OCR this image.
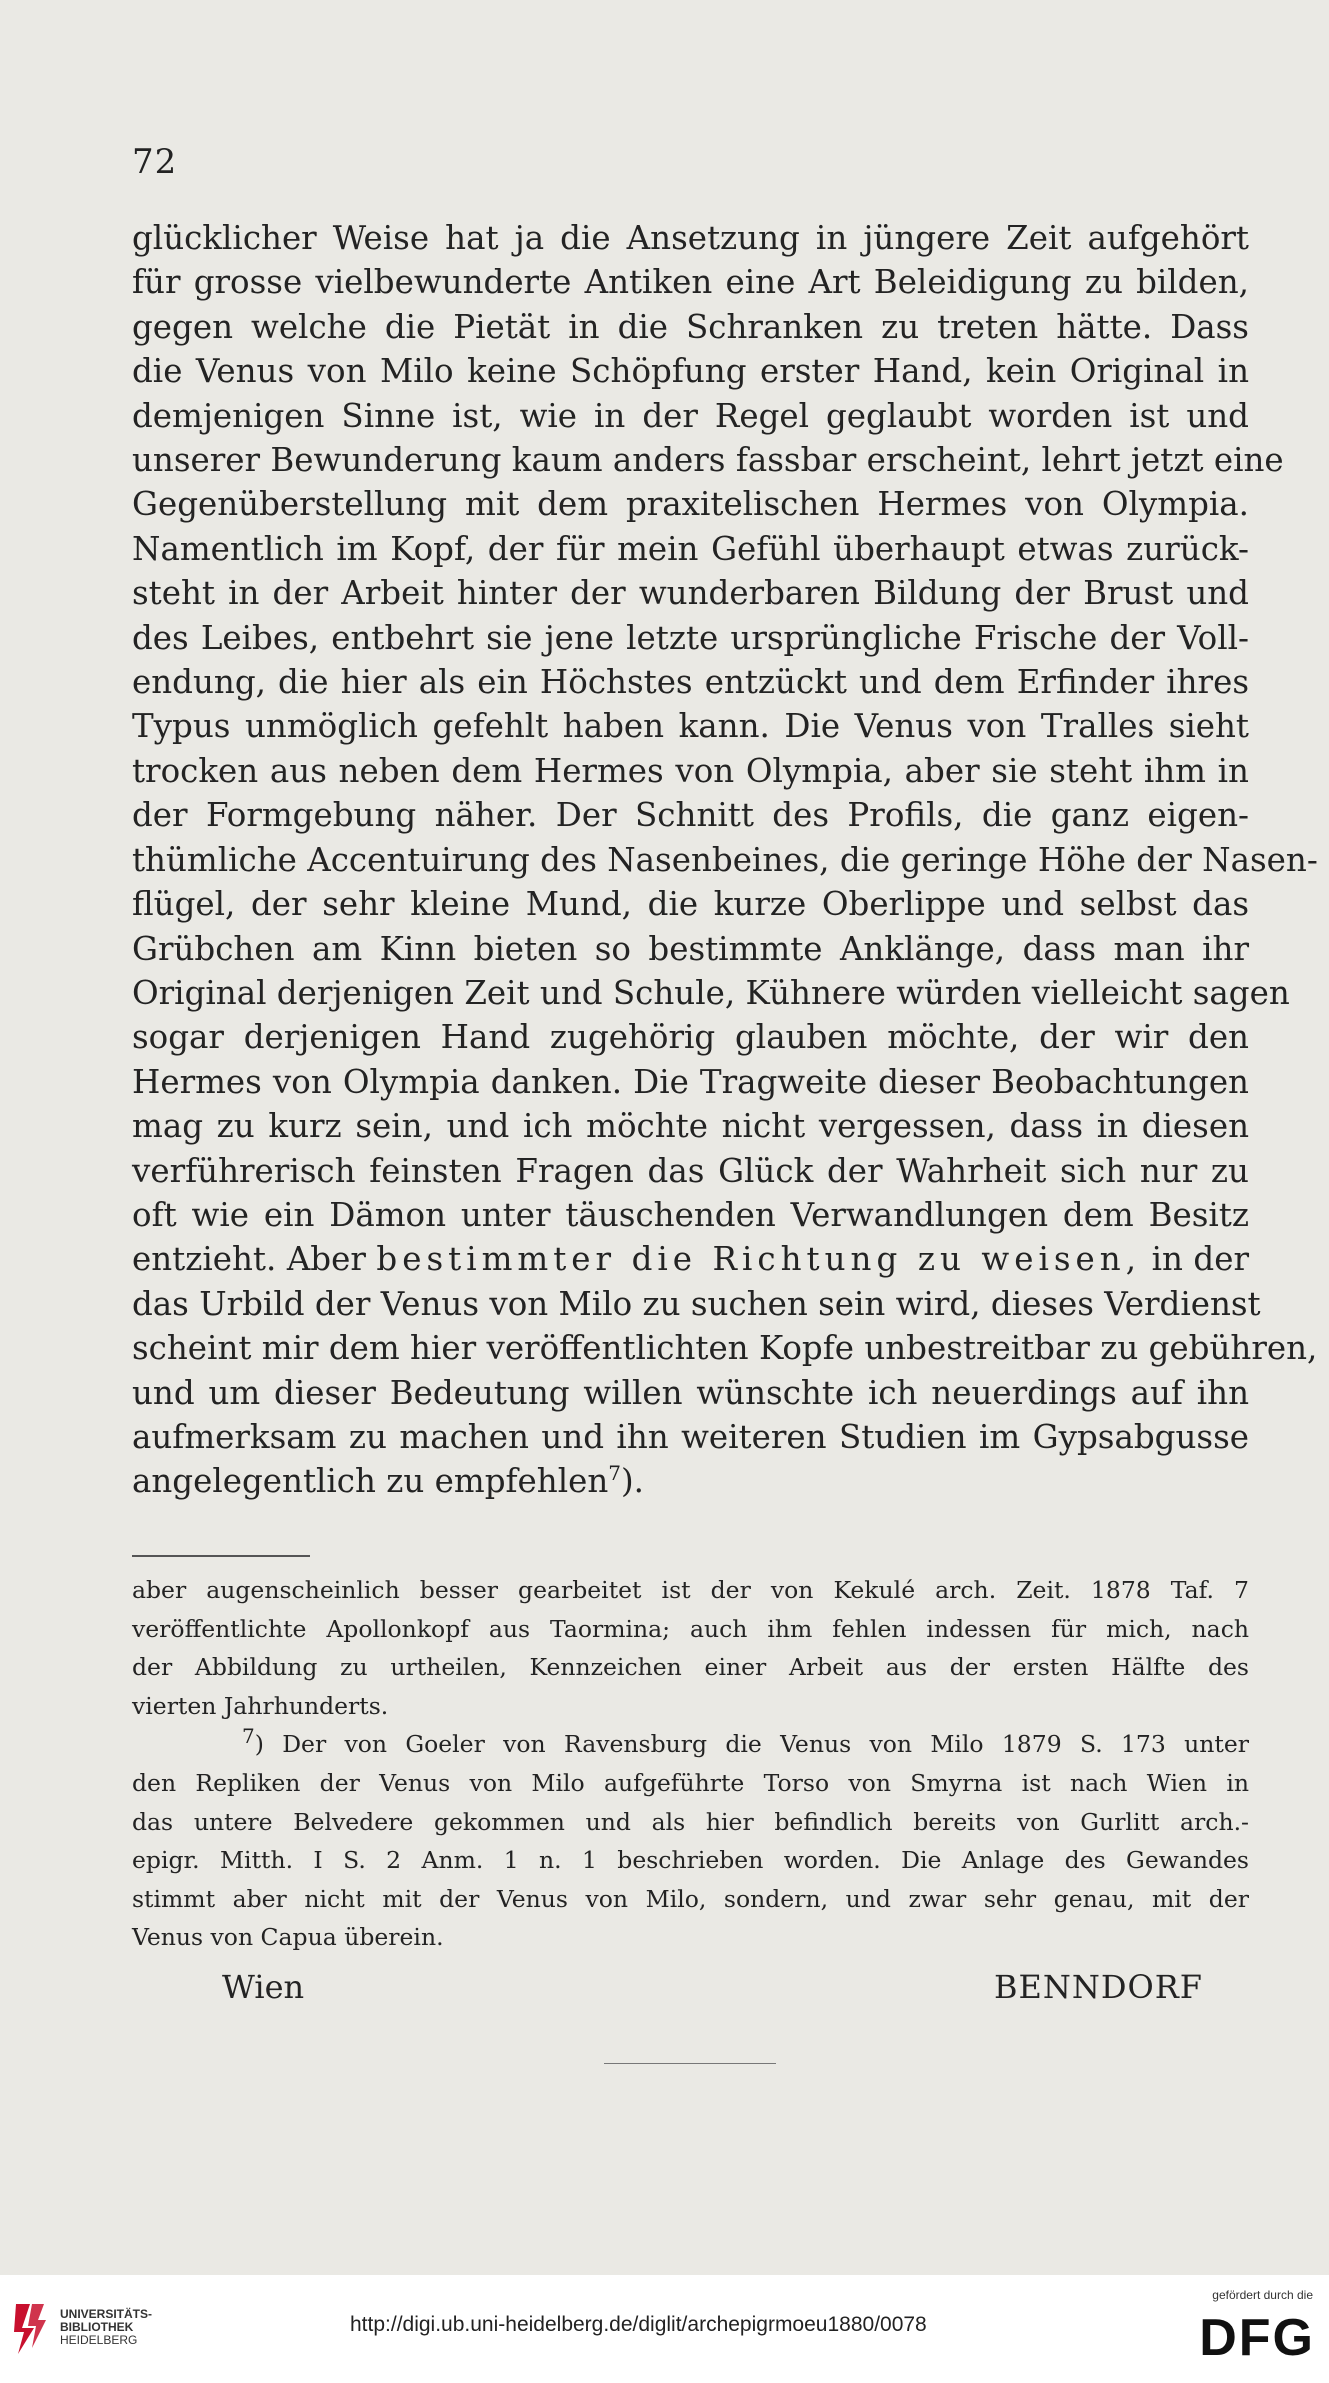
72
glücklicher Weise hat ja die Ansetzung in jüngere Zeit aufgehört
für grosse vielbewunderte Antiken eine Art Beleidigung zu bilden,
gegen welche die Pietät in die Schranken zu treten hätte. Dass
die Venus von Milo keine Schöpfung erster Hand, kein Original in
demjenigen Sinne ist, wie in der Regel geglaubt worden ist und
unserer Bewunderung kaum anders fassbar erscheint, lehrt jetzt eine
Gegenüberstellung mit dem praxitelischen Hermes von Olympia.
Namentlich im Kopf, der für mein Gefühl überhaupt etwas zurück-
steht in der Arbeit hinter der wunderbaren Bildung der Brust und
des Leibes, entbehrt sie jene letzte ursprüngliche Frische der Voll-
endung, die hier als ein Höchstes entzückt und dem Erfinder ihres
Typus unmöglich gefehlt haben kann. Die Venus von Tralles sieht
trocken aus neben dem Hermes von Olympia, aber sie steht ihm in
der Formgebung näher. Der Schnitt des Profils, die ganz eigen-
thümliche Accentuirung des Nasenbeines, die geringe Höhe der Nasen-
flügel, der sehr kleine Mund, die kurze Oberlippe und selbst das
Grübchen am Kinn bieten so bestimmte Anklänge, dass man ihr
Original derjenigen Zeit und Schule, Kühnere würden vielleicht sagen
sogar derjenigen Hand zugehörig glauben möchte, der wir den
Hermes von Olympia danken. Die Tragweite dieser Beobachtungen
mag zu kurz sein, und ich möchte nicht vergessen, dass in diesen
verführerisch feinsten Fragen das Glück der Wahrheit sich nur zu
oft wie ein Dämon unter täuschenden Verwandlungen dem Besitz
entzieht. Aber bestimmter die Richtung zu weisen, in der
das Urbild der Venus von Milo zu suchen sein wird, dieses Verdienst
scheint mir dem hier veröffentlichten Kopfe unbestreitbar zu gebühren,
und um dieser Bedeutung willen wünschte ich neuerdings auf ihn
aufmerksam zu machen und ihn weiteren Studien im Gypsabgusse
angelegentlich zu empfehlen$^7$).
aber augenscheinlich besser gearbeitet ist der von Kekulé arch. Zeit. 1878 Taf. 7
veröffentlichte Apollonkopf aus Taormina; auch ihm fehlen indessen für mich, nach
der Abbildung zu urtheilen, Kennzeichen einer Arbeit aus der ersten Hälfte des
vierten Jahrhunderts.
7) Der von Goeler von Ravensburg die Venus von Milo 1879 S. 173 unter
den Repliken der Venus von Milo aufgeführte Torso von Smyrna ist nach Wien in
das untere Belvedere gekommen und als hier befindlich bereits von Gurlitt arch.-
epigr. Mitth. I S. 2 Anm. 1 n. 1 beschrieben worden. Die Anlage des Gewandes
stimmt aber nicht mit der Venus von Milo, sondern, und zwar sehr genau, mit der
Venus von Capua überein.
Wien	BENNDORF
UNIVERSITÄTS-
BIBLIOTHEK
HEIDELBERG
http://digi.ub.uni-heidelberg.de/diglit/archepigrmoeu1880/0078
gefördert durch die
DFG
